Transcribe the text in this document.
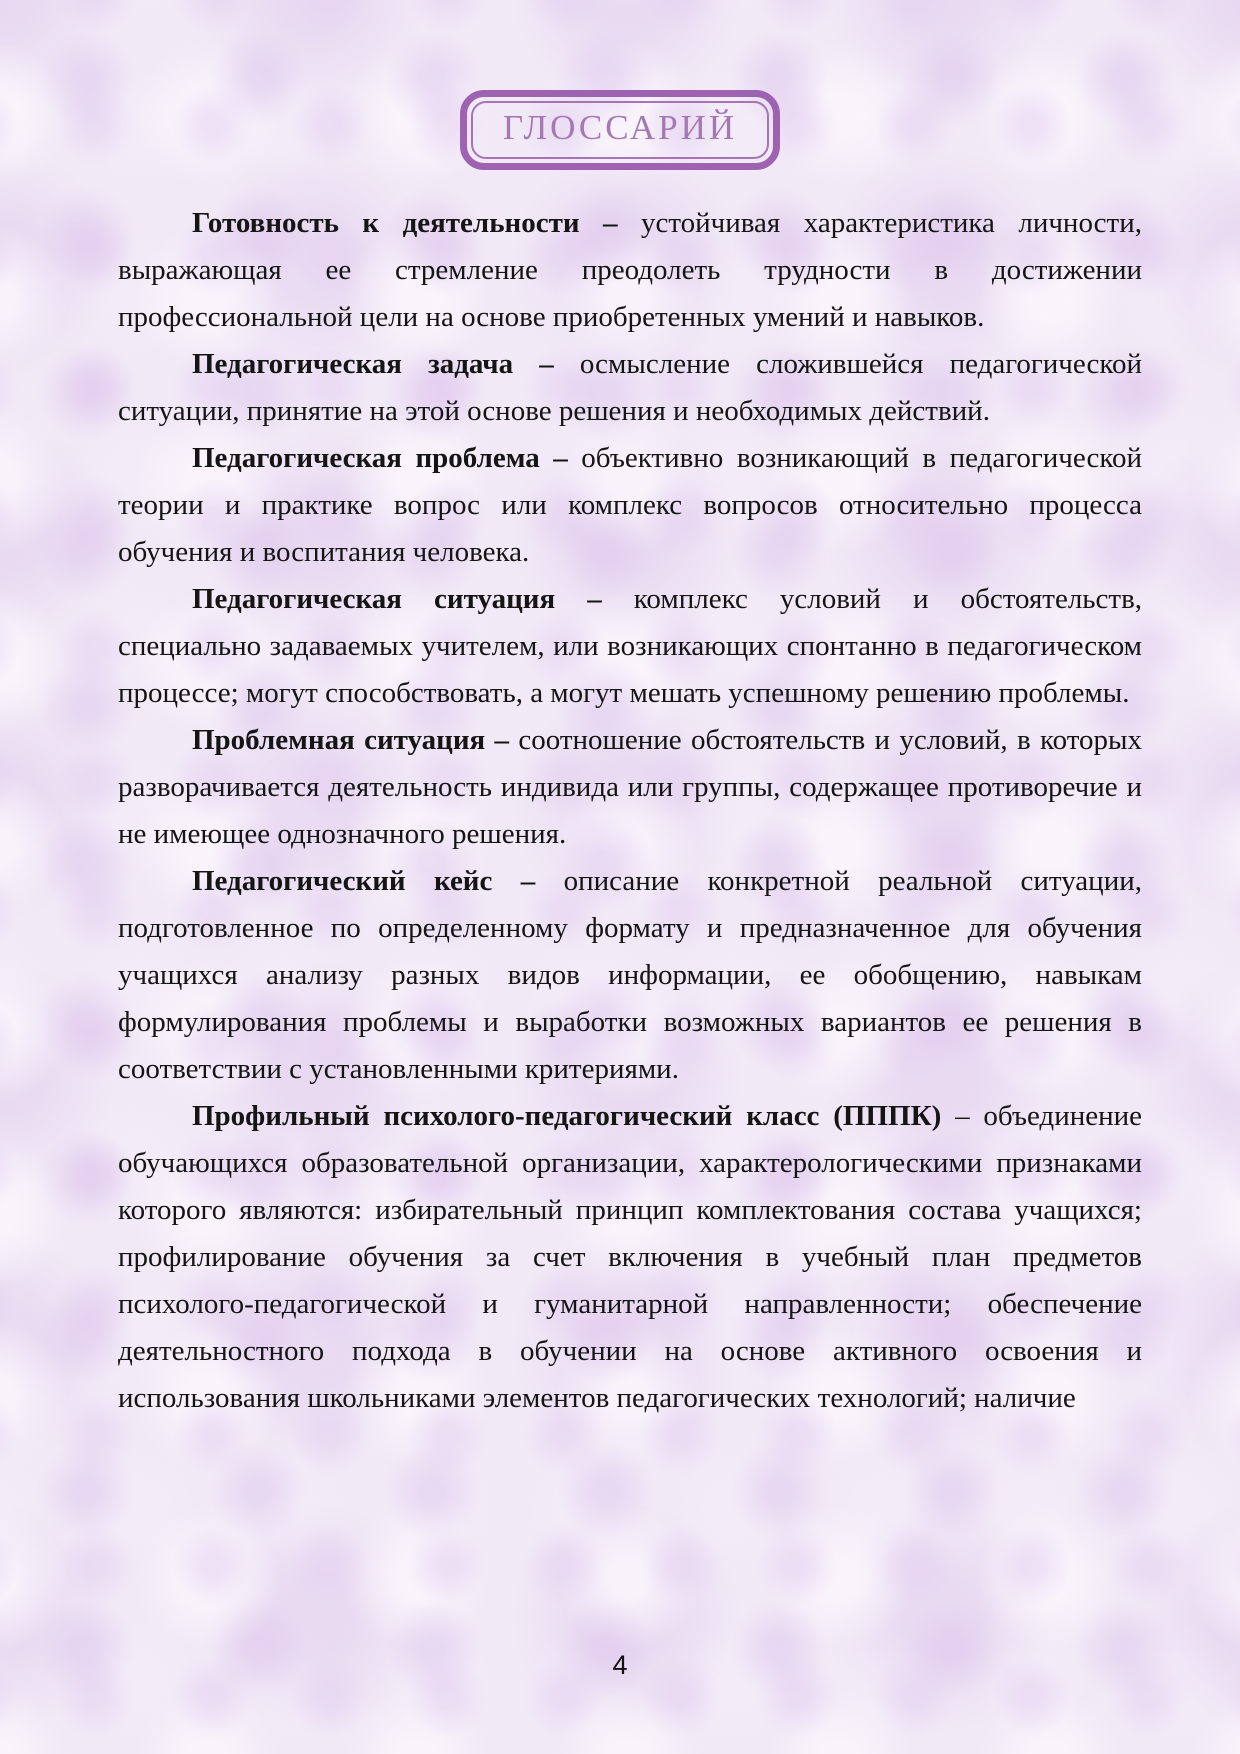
ГЛОССАРИЙ

Готовность к деятельности – устойчивая характеристика личности, выражающая ее стремление преодолеть трудности в достижении профессиональной цели на основе приобретенных умений и навыков.

Педагогическая задача – осмысление сложившейся педагогической ситуации, принятие на этой основе решения и необходимых действий.

Педагогическая проблема – объективно возникающий в педагогической теории и практике вопрос или комплекс вопросов относительно процесса обучения и воспитания человека.

Педагогическая ситуация – комплекс условий и обстоятельств, специально задаваемых учителем, или возникающих спонтанно в педагогическом процессе; могут способствовать, а могут мешать успешному решению проблемы.

Проблемная ситуация – соотношение обстоятельств и условий, в которых разворачивается деятельность индивида или группы, содержащее противоречие и не имеющее однозначного решения.

Педагогический кейс – описание конкретной реальной ситуации, подготовленное по определенному формату и предназначенное для обучения учащихся анализу разных видов информации, ее обобщению, навыкам формулирования проблемы и выработки возможных вариантов ее решения в соответствии с установленными критериями.

Профильный психолого-педагогический класс (ПППК) – объединение обучающихся образовательной организации, характерологическими признаками которого являются: избирательный принцип комплектования состава учащихся; профилирование обучения за счет включения в учебный план предметов психолого-педагогической и гуманитарной направленности; обеспечение деятельностного подхода в обучении на основе активного освоения и использования школьниками элементов педагогических технологий; наличие

4
